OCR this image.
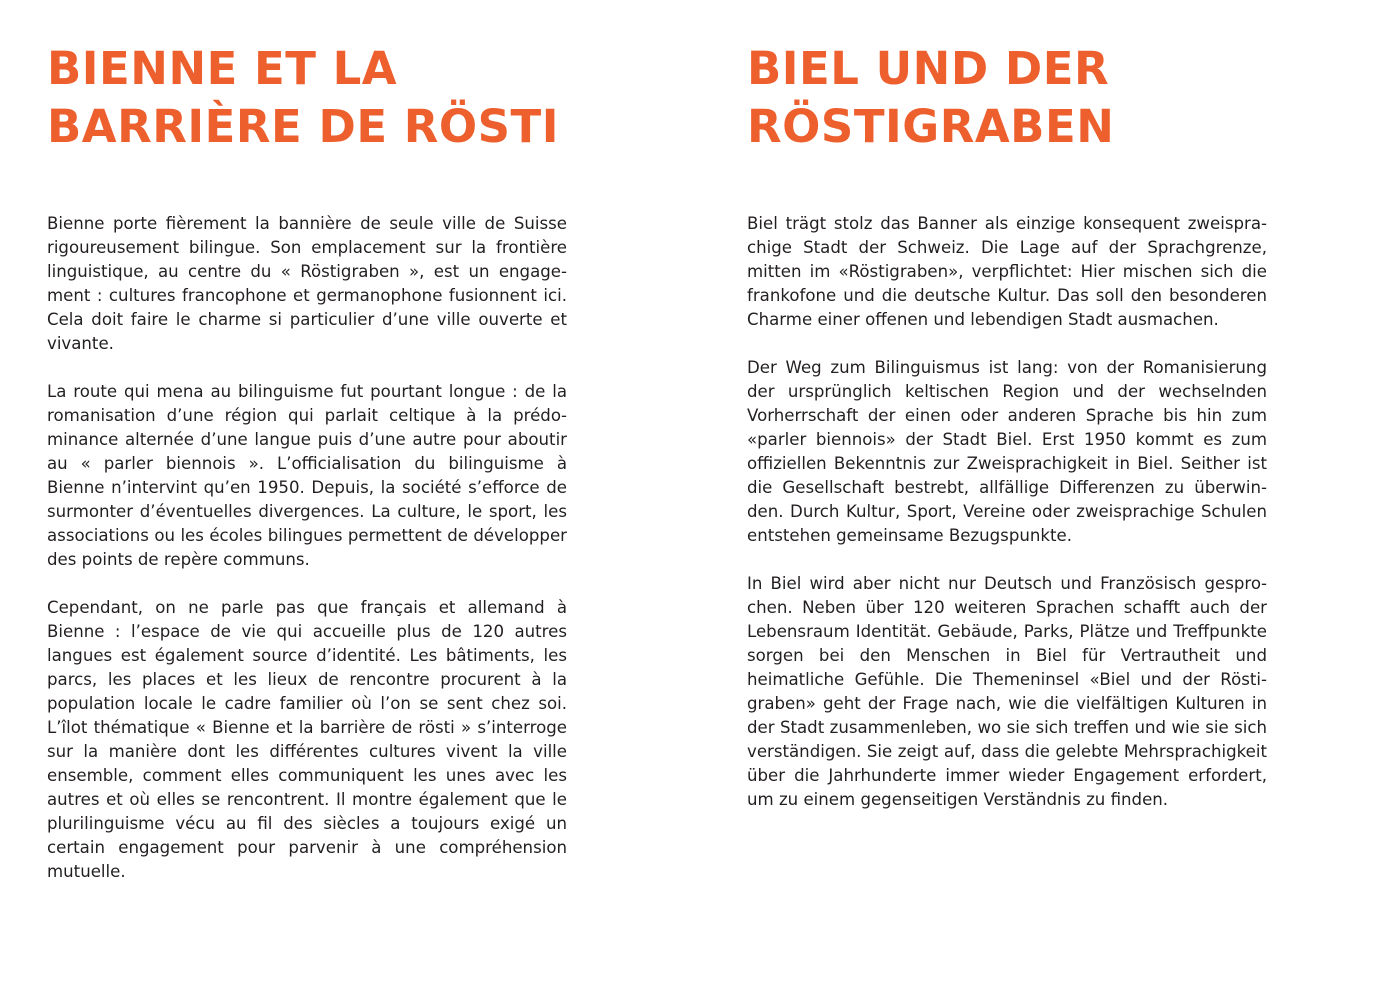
BIENNE ET LA
BARRIÈRE DE RÖSTI

Bienne porte fièrement la bannière de seule ville de Suisse rigoureusement bilingue. Son emplacement sur la frontière linguistique, au centre du « Röstigraben », est un engagement : cultures francophone et germanophone fusionnent ici. Cela doit faire le charme si particulier d’une ville ouverte et vivante.

La route qui mena au bilinguisme fut pourtant longue : de la romanisation d’une région qui parlait celtique à la prédominance alternée d’une langue puis d’une autre pour aboutir au « parler biennois ». L’officialisation du bilinguisme à Bienne n’intervint qu’en 1950. Depuis, la société s’efforce de surmonter d’éventuelles divergences. La culture, le sport, les associations ou les écoles bilingues permettent de développer des points de repère communs.

Cependant, on ne parle pas que français et allemand à Bienne : l’espace de vie qui accueille plus de 120 autres langues est également source d’identité. Les bâtiments, les parcs, les places et les lieux de rencontre procurent à la population locale le cadre familier où l’on se sent chez soi. L’îlot thématique « Bienne et la barrière de rösti » s’interroge sur la manière dont les différentes cultures vivent la ville ensemble, comment elles communiquent les unes avec les autres et où elles se rencontrent. Il montre également que le plurilinguisme vécu au fil des siècles a toujours exigé un certain engagement pour parvenir à une compréhension mutuelle.

BIEL UND DER
RÖSTIGRABEN

Biel trägt stolz das Banner als einzige konsequent zweisprachige Stadt der Schweiz. Die Lage auf der Sprachgrenze, mitten im «Röstigraben», verpflichtet: Hier mischen sich die frankofone und die deutsche Kultur. Das soll den besonderen Charme einer offenen und lebendigen Stadt ausmachen.

Der Weg zum Bilinguismus ist lang: von der Romanisierung der ursprünglich keltischen Region und der wechselnden Vorherrschaft der einen oder anderen Sprache bis hin zum «parler biennois» der Stadt Biel. Erst 1950 kommt es zum offiziellen Bekenntnis zur Zweisprachigkeit in Biel. Seither ist die Gesellschaft bestrebt, allfällige Differenzen zu überwinden. Durch Kultur, Sport, Vereine oder zweisprachige Schulen entstehen gemeinsame Bezugspunkte.

In Biel wird aber nicht nur Deutsch und Französisch gesprochen. Neben über 120 weiteren Sprachen schafft auch der Lebensraum Identität. Gebäude, Parks, Plätze und Treffpunkte sorgen bei den Menschen in Biel für Vertrautheit und heimatliche Gefühle. Die Themeninsel «Biel und der Röstigraben» geht der Frage nach, wie die vielfältigen Kulturen in der Stadt zusammenleben, wo sie sich treffen und wie sie sich verständigen. Sie zeigt auf, dass die gelebte Mehrsprachigkeit über die Jahrhunderte immer wieder Engagement erfordert, um zu einem gegenseitigen Verständnis zu finden.
